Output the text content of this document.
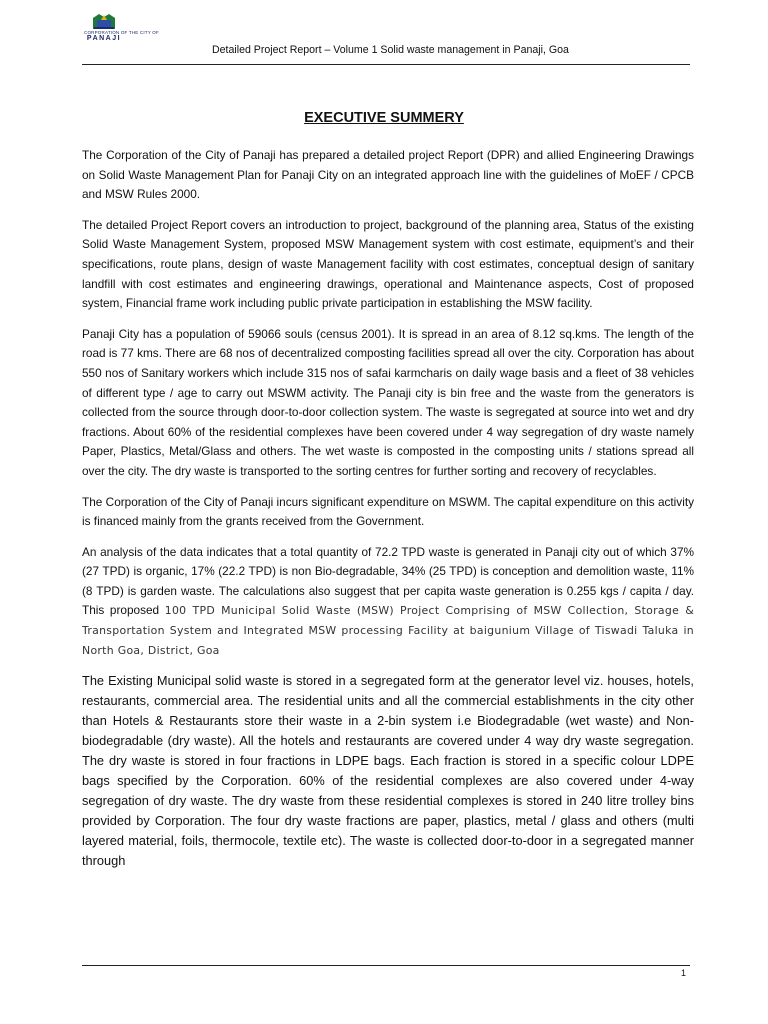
CORPORATION OF THE CITY OF
PANAJI
Detailed Project Report – Volume 1 Solid waste management in Panaji, Goa
EXECUTIVE SUMMERY

The Corporation of the City of Panaji has prepared a detailed project Report (DPR) and allied Engineering Drawings on Solid Waste Management Plan for Panaji City on an integrated approach line with the guidelines of MoEF / CPCB and MSW Rules 2000.

The detailed Project Report covers an introduction to project, background of the planning area, Status of the existing Solid Waste Management System, proposed MSW Management system with cost estimate, equipment’s and their specifications, route plans, design of waste Management facility with cost estimates, conceptual design of sanitary landfill with cost estimates and engineering drawings, operational and Maintenance aspects, Cost of proposed system, Financial frame work including public private participation in establishing the MSW facility.

Panaji City has a population of 59066 souls (census 2001). It is spread in an area of 8.12 sq.kms. The length of the road is 77 kms. There are 68 nos of decentralized composting facilities spread all over the city. Corporation has about 550 nos of Sanitary workers which include 315 nos of safai karmcharis on daily wage basis and a fleet of 38 vehicles of different type / age to carry out MSWM activity. The Panaji city is bin free and the waste from the generators is collected from the source through door-to-door collection system. The waste is segregated at source into wet and dry fractions. About 60% of the residential complexes have been covered under 4 way segregation of dry waste namely Paper, Plastics, Metal/Glass and others. The wet waste is composted in the composting units / stations spread all over the city. The dry waste is transported to the sorting centres for further sorting and recovery of recyclables.

The Corporation of the City of Panaji incurs significant expenditure on MSWM. The capital expenditure on this activity is financed mainly from the grants received from the Government.

An analysis of the data indicates that a total quantity of 72.2 TPD waste is generated in Panaji city out of which 37% (27 TPD) is organic, 17% (22.2 TPD) is non Bio-degradable, 34% (25 TPD) is conception and demolition waste, 11% (8 TPD) is garden waste. The calculations also suggest that per capita waste generation is 0.255 kgs / capita / day. This proposed 100 TPD Municipal Solid Waste (MSW) Project Comprising of MSW Collection, Storage & Transportation System and Integrated MSW processing Facility at baigunium Village of Tiswadi Taluka in North Goa, District, Goa

The Existing Municipal solid waste is stored in a segregated form at the generator level viz. houses, hotels, restaurants, commercial area. The residential units and all the commercial establishments in the city other than Hotels & Restaurants store their waste in a 2-bin system i.e Biodegradable (wet waste) and Non-biodegradable (dry waste). All the hotels and restaurants are covered under 4 way dry waste segregation. The dry waste is stored in four fractions in LDPE bags. Each fraction is stored in a specific colour LDPE bags specified by the Corporation. 60% of the residential complexes are also covered under 4-way segregation of dry waste. The dry waste from these residential complexes is stored in 240 litre trolley bins provided by Corporation. The four dry waste fractions are paper, plastics, metal / glass and others (multi layered material, foils, thermocole, textile etc). The waste is collected door-to-door in a segregated manner through

1
